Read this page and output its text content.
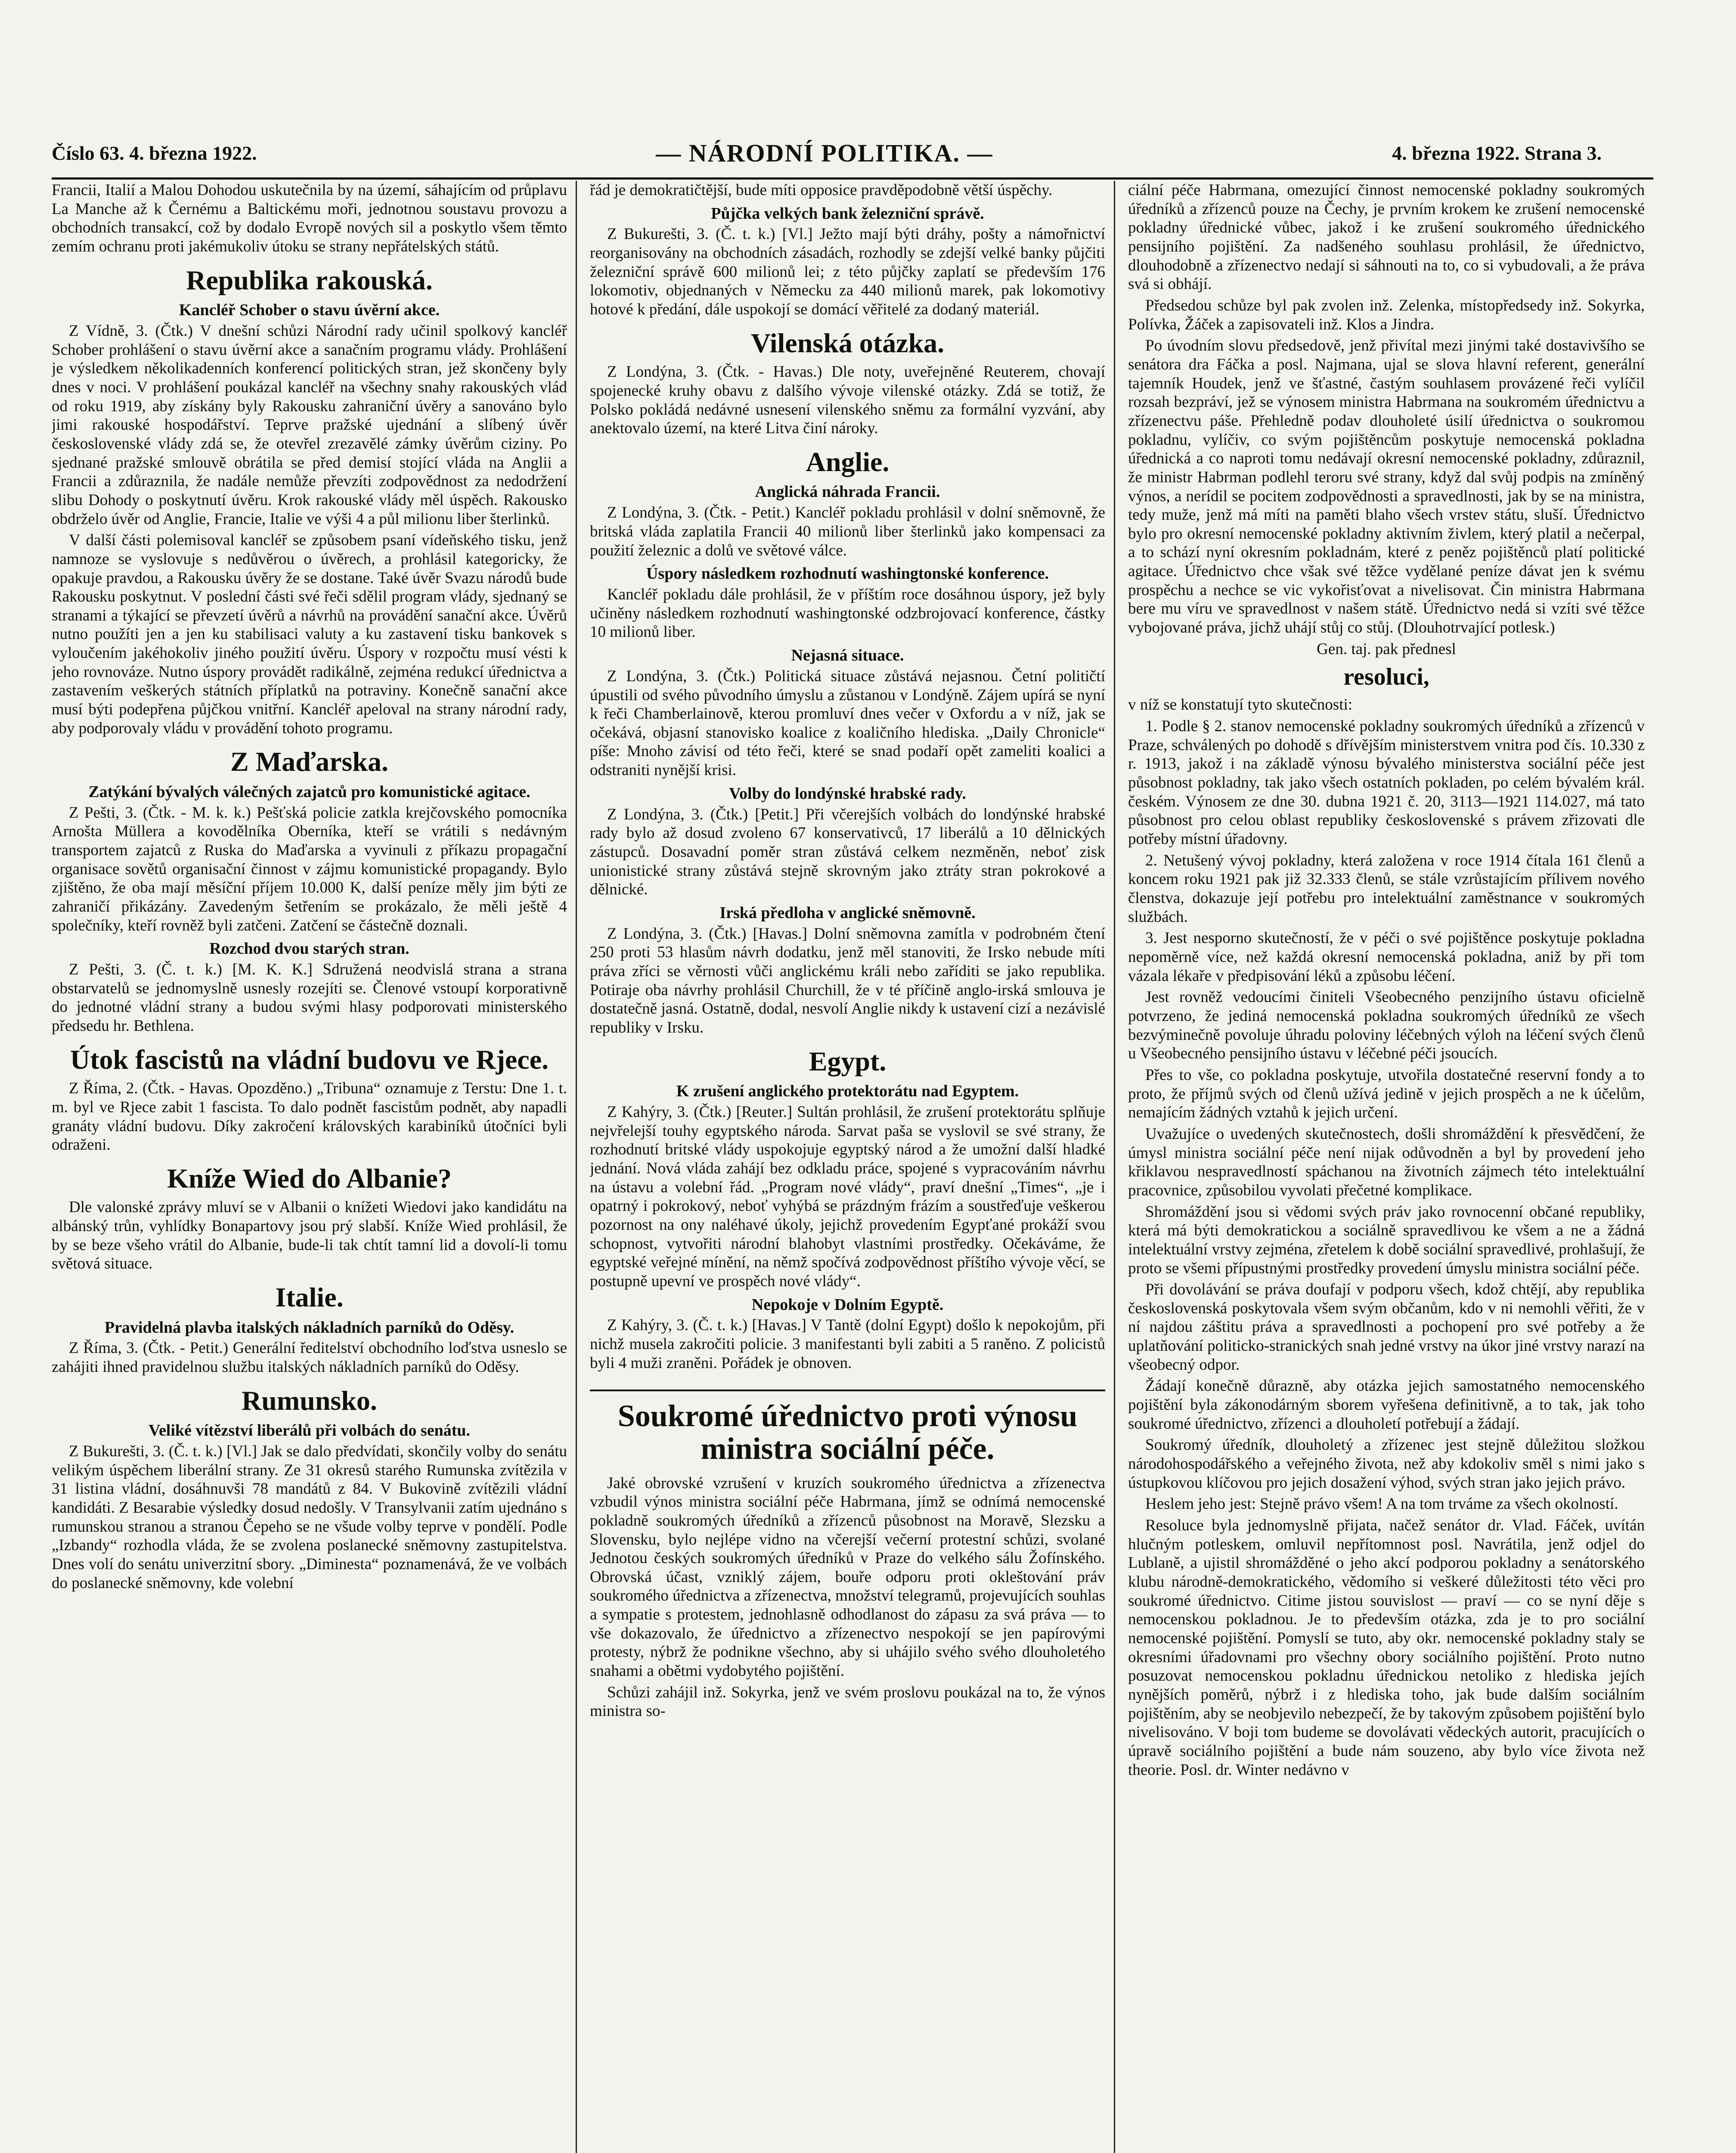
Číslo 63. 4. března 1922.	— NÁRODNÍ POLITIKA. —	4. března 1922. Strana 3.

Francii, Italií a Malou Dohodou uskutečnila by na území, sáhajícím od průplavu La Manche až k Černému a Baltickému moři, jednotnou soustavu provozu a obchodních transakcí, což by dodalo Evropě nových sil a poskytlo všem těmto zemím ochranu proti jakémukoliv útoku se strany nepřátelských států.

Republika rakouská.
Kancléř Schober o stavu úvěrní akce.

Z Vídně, 3. (Čtk.) V dnešní schůzi Národní rady učinil spolkový kancléř Schober prohlášení o stavu úvěrní akce a sanačním programu vlády. Prohlášení je výsledkem několikadenních konferencí politických stran, jež skončeny byly dnes v noci. V prohlášení poukázal kancléř na všechny snahy rakouských vlád od roku 1919, aby získány byly Rakousku zahraniční úvěry a sanováno bylo jimi rakouské hospodářství. Teprve pražské ujednání a slíbený úvěr československé vlády zdá se, že otevřel zrezavělé zámky úvěrům ciziny. Po sjednané pražské smlouvě obrátila se před demisí stojící vláda na Anglii a Francii a zdůraznila, že nadále nemůže převzíti zodpovědnost za nedodržení slibu Dohody o poskytnutí úvěru. Krok rakouské vlády měl úspěch. Rakousko obdrželo úvěr od Anglie, Francie, Italie ve výši 4 a půl milionu liber šterlinků.

V další části polemisoval kancléř se způsobem psaní vídeňského tisku, jenž namnoze se vyslovuje s nedůvěrou o úvěrech, a prohlásil kategoricky, že opakuje pravdou, a Rakousku úvěry že se dostane. Také úvěr Svazu národů bude Rakousku poskytnut. V poslední části své řeči sdělil program vlády, sjednaný se stranami a týkající se převzetí úvěrů a návrhů na provádění sanační akce. Úvěrů nutno použíti jen a jen ku stabilisaci valuty a ku zastavení tisku bankovek s vyloučením jakéhokoliv jiného použití úvěru. Úspory v rozpočtu musí vésti k jeho rovnováze. Nutno úspory provádět radikálně, zejména redukcí úřednictva a zastavením veškerých státních příplatků na potraviny. Konečně sanační akce musí býti podepřena půjčkou vnitřní. Kancléř apeloval na strany národní rady, aby podporovaly vládu v provádění tohoto programu.

Z Maďarska.
Zatýkání bývalých válečných zajatců pro komunistické agitace.

Z Pešti, 3. (Čtk. - M. k. k.) Pešťská policie zatkla krejčovského pomocníka Arnošta Müllera a kovodělníka Oberníka, kteří se vrátili s nedávným transportem zajatců z Ruska do Maďarska a vyvinuli z příkazu propagační organisace sovětů organisační činnost v zájmu komunistické propagandy. Bylo zjištěno, že oba mají měsíční příjem 10.000 K, další peníze měly jim býti ze zahraničí přikázány. Zavedeným šetřením se prokázalo, že měli ještě 4 společníky, kteří rovněž byli zatčeni. Zatčení se částečně doznali.

Rozchod dvou starých stran.

Z Pešti, 3. (Č. t. k.) [M. K. K.] Sdružená neodvislá strana a strana obstarvatelů se jednomyslně usnesly rozejíti se. Členové vstoupí korporativně do jednotné vládní strany a budou svými hlasy podporovati ministerského předsedu hr. Bethlena.

Útok fascistů na vládní budovu ve Rjece.

Z Říma, 2. (Čtk. - Havas. Opozděno.) „Tribuna“ oznamuje z Terstu: Dne 1. t. m. byl ve Rjece zabit 1 fascista. To dalo podnět fascistům podnět, aby napadli granáty vládní budovu. Díky zakročení královských karabiníků útočníci byli odraženi.

Kníže Wied do Albanie?

Dle valonské zprávy mluví se v Albanii o knížeti Wiedovi jako kandidátu na albánský trůn, vyhlídky Bonapartovy jsou prý slabší. Kníže Wied prohlásil, že by se beze všeho vrátil do Albanie, bude-li tak chtít tamní lid a dovolí-li tomu světová situace.

Italie.
Pravidelná plavba italských nákladních parníků do Oděsy.

Z Říma, 3. (Čtk. - Petit.) Generální ředitelství obchodního loďstva usneslo se zahájiti ihned pravidelnou službu italských nákladních parníků do Oděsy.

Rumunsko.
Veliké vítězství liberálů při volbách do senátu.

Z Bukurešti, 3. (Č. t. k.) [Vl.] Jak se dalo předvídati, skončily volby do senátu velikým úspěchem liberální strany. Ze 31 okresů starého Rumunska zvítězila v 31 listina vládní, dosáhnuvši 78 mandátů z 84. V Bukovině zvítězili vládní kandidáti. Z Besarabie výsledky dosud nedošly. V Transylvanii zatím ujednáno s rumunskou stranou a stranou Čepeho se ne všude volby teprve v pondělí. Podle „Izbandy“ rozhodla vláda, že se zvolena poslanecké sněmovny zastupitelstva. Dnes volí do senátu univerzitní sbory. „Diminesta“ poznamenává, že ve volbách do poslanecké sněmovny, kde volební

řád je demokratičtější, bude míti opposice pravděpodobně větší úspěchy.

Půjčka velkých bank železniční správě.

Z Bukurešti, 3. (Č. t. k.) [Vl.] Ježto mají býti dráhy, pošty a námořnictví reorganisovány na obchodních zásadách, rozhodly se zdejší velké banky půjčiti železniční správě 600 milionů lei; z této půjčky zaplatí se především 176 lokomotiv, objednaných v Německu za 440 milionů marek, pak lokomotivy hotové k předání, dále uspokojí se domácí věřitelé za dodaný materiál.

Vilenská otázka.

Z Londýna, 3. (Čtk. - Havas.) Dle noty, uveřejněné Reuterem, chovají spojenecké kruhy obavu z dalšího vývoje vilenské otázky. Zdá se totiž, že Polsko pokládá nedávné usnesení vilenského sněmu za formální vyzvání, aby anektovalo území, na které Litva činí nároky.

Anglie.
Anglická náhrada Francii.

Z Londýna, 3. (Čtk. - Petit.) Kancléř pokladu prohlásil v dolní sněmovně, že britská vláda zaplatila Francii 40 milionů liber šterlinků jako kompensaci za použití železnic a dolů ve světové válce.

Úspory následkem rozhodnutí washingtonské konference.

Kancléř pokladu dále prohlásil, že v příštím roce dosáhnou úspory, jež byly učiněny následkem rozhodnutí washingtonské odzbrojovací konference, částky 10 milionů liber.

Nejasná situace.

Z Londýna, 3. (Čtk.) Politická situace zůstává nejasnou. Četní političtí úpustili od svého původního úmyslu a zůstanou v Londýně. Zájem upírá se nyní k řeči Chamberlainově, kterou promluví dnes večer v Oxfordu a v níž, jak se očekává, objasní stanovisko koalice z koaličního hlediska. „Daily Chronicle“ píše: Mnoho závisí od této řeči, které se snad podaří opět zameliti koalici a odstraniti nynější krisi.

Volby do londýnské hrabské rady.

Z Londýna, 3. (Čtk.) [Petit.] Při včerejších volbách do londýnské hrabské rady bylo až dosud zvoleno 67 konservativců, 17 liberálů a 10 dělnických zástupců. Dosavadní poměr stran zůstává celkem nezměněn, neboť zisk unionistické strany zůstává stejně skrovným jako ztráty stran pokrokové a dělnické.

Irská předloha v anglické sněmovně.

Z Londýna, 3. (Čtk.) [Havas.] Dolní sněmovna zamítla v podrobném čtení 250 proti 53 hlasům návrh dodatku, jenž měl stanoviti, že Irsko nebude míti práva zříci se věrnosti vůči anglickému králi nebo zaříditi se jako republika. Potiraje oba návrhy prohlásil Churchill, že v té příčině anglo-irská smlouva je dostatečně jasná. Ostatně, dodal, nesvolí Anglie nikdy k ustavení cizí a nezávislé republiky v Irsku.

Egypt.
K zrušení anglického protektorátu nad Egyptem.

Z Kahýry, 3. (Čtk.) [Reuter.] Sultán prohlásil, že zrušení protektorátu splňuje nejvřelejší touhy egyptského národa. Sarvat paša se vyslovil se své strany, že rozhodnutí britské vlády uspokojuje egyptský národ a že umožní další hladké jednání. Nová vláda zahájí bez odkladu práce, spojené s vypracováním návrhu na ústavu a volební řád. „Program nové vlády“, praví dnešní „Times“, „je i opatrný i pokrokový, neboť vyhýbá se prázdným frázím a soustřeďuje veškerou pozornost na ony naléhavé úkoly, jejichž provedením Egypťané prokáží svou schopnost, vytvořiti národní blahobyt vlastními prostředky. Očekáváme, že egyptské veřejné mínění, na němž spočívá zodpovědnost příštího vývoje věcí, se postupně upevní ve prospěch nové vlády“.

Nepokoje v Dolním Egyptě.

Z Kahýry, 3. (Č. t. k.) [Havas.] V Tantě (dolní Egypt) došlo k nepokojům, při nichž musela zakročiti policie. 3 manifestanti byli zabiti a 5 raněno. Z policistů byli 4 muži zraněni. Pořádek je obnoven.

Soukromé úřednictvo proti výnosu ministra sociální péče.

Jaké obrovské vzrušení v kruzích soukromého úřednictva a zřízenectva vzbudil výnos ministra sociální péče Habrmana, jímž se odnímá nemocenské pokladně soukromých úředníků a zřízenců působnost na Moravě, Slezsku a Slovensku, bylo nejlépe vidno na včerejší večerní protestní schůzi, svolané Jednotou českých soukromých úředníků v Praze do velkého sálu Žofínského. Obrovská účast, vzniklý zájem, bouře odporu proti okleštování práv soukromého úřednictva a zřízenectva, množství telegramů, projevujících souhlas a sympatie s protestem, jednohlasně odhodlanost do zápasu za svá práva — to vše dokazovalo, že úřednictvo a zřízenectvo nespokojí se jen papírovými protesty, nýbrž že podnikne všechno, aby si uhájilo svého svého dlouholetého snahami a obětmi vydobytého pojištění.

Schůzi zahájil inž. Sokyrka, jenž ve svém proslovu poukázal na to, že výnos ministra so-

ciální péče Habrmana, omezující činnost nemocenské pokladny soukromých úředníků a zřízenců pouze na Čechy, je prvním krokem ke zrušení nemocenské pokladny úřednické vůbec, jakož i ke zrušení soukromého úřednického pensijního pojištění. Za nadšeného souhlasu prohlásil, že úřednictvo, dlouhodobně a zřízenectvo nedají si sáhnouti na to, co si vybudovali, a že práva svá si obhájí.

Předsedou schůze byl pak zvolen inž. Zelenka, místopředsedy inž. Sokyrka, Polívka, Žáček a zapisovateli inž. Klos a Jindra.

Po úvodním slovu předsedově, jenž přivítal mezi jinými také dostavivšího se senátora dra Fáčka a posl. Najmana, ujal se slova hlavní referent, generální tajemník Houdek, jenž ve šťastné, častým souhlasem provázené řeči vylíčil rozsah bezpráví, jež se výnosem ministra Habrmana na soukromém úřednictvu a zřízenectvu páše. Přehledně podav dlouholeté úsilí úřednictva o soukromou pokladnu, vylíčiv, co svým pojištěncům poskytuje nemocenská pokladna úřednická a co naproti tomu nedávají okresní nemocenské pokladny, zdůraznil, že ministr Habrman podlehl teroru své strany, když dal svůj podpis na zmíněný výnos, a nerídil se pocitem zodpovědnosti a spravedlnosti, jak by se na ministra, tedy muže, jenž má míti na paměti blaho všech vrstev státu, sluší. Úřednictvo bylo pro okresní nemocenské pokladny aktivním živlem, který platil a nečerpal, a to schází nyní okresním pokladnám, které z peněz pojištěnců platí politické agitace. Úřednictvo chce však své těžce vydělané peníze dávat jen k svému prospěchu a nechce se vic vykořisťovat a nivelisovat. Čin ministra Habrmana bere mu víru ve spravedlnost v našem státě. Úřednictvo nedá si vzíti své těžce vybojované práva, jichž uhájí stůj co stůj. (Dlouhotrvající potlesk.)

Gen. taj. pak přednesl

resoluci,

v níž se konstatují tyto skutečnosti:

1. Podle § 2. stanov nemocenské pokladny soukromých úředníků a zřízenců v Praze, schválených po dohodě s dřívějším ministerstvem vnitra pod čís. 10.330 z r. 1913, jakož i na základě výnosu bývalého ministerstva sociální péče jest působnost pokladny, tak jako všech ostatních pokladen, po celém bývalém král. českém. Výnosem ze dne 30. dubna 1921 č. 20, 3113—1921 114.027, má tato působnost pro celou oblast republiky československé s právem zřizovati dle potřeby místní úřadovny.

2. Netušený vývoj pokladny, která založena v roce 1914 čítala 161 členů a koncem roku 1921 pak již 32.333 členů, se stále vzrůstajícím přílivem nového členstva, dokazuje její potřebu pro intelektuální zaměstnance v soukromých službách.

3. Jest nesporno skutečností, že v péči o své pojištěnce poskytuje pokladna nepoměrně více, než každá okresní nemocenská pokladna, aniž by při tom vázala lékaře v předpisování léků a způsobu léčení.

Jest rovněž vedoucími činiteli Všeobecného penzijního ústavu oficielně potvrzeno, že jediná nemocenská pokladna soukromých úředníků ze všech bezvýminečně povoluje úhradu poloviny léčebných výloh na léčení svých členů u Všeobecného pensijního ústavu v léčebné péči jsoucích.

Přes to vše, co pokladna poskytuje, utvořila dostatečné reservní fondy a to proto, že příjmů svých od členů užívá jedině v jejich prospěch a ne k účelům, nemajícím žádných vztahů k jejich určení.

Uvažujíce o uvedených skutečnostech, došli shromáždění k přesvědčení, že úmysl ministra sociální péče není nijak odůvodněn a byl by provedení jeho křiklavou nespravedlností spáchanou na životních zájmech této intelektuální pracovnice, způsobilou vyvolati přečetné komplikace.

Shromáždění jsou si vědomi svých práv jako rovnocenní občané republiky, která má býti demokratickou a sociálně spravedlivou ke všem a ne a žádná intelektuální vrstvy zejména, zřetelem k době sociální spravedlivé, prohlašují, že proto se všemi přípustnými prostředky provedení úmyslu ministra sociální péče.

Při dovolávání se práva doufají v podporu všech, kdož chtějí, aby republika československá poskytovala všem svým občanům, kdo v ni nemohli věřiti, že v ní najdou záštitu práva a spravedlnosti a pochopení pro své potřeby a že uplatňování politicko-stranických snah jedné vrstvy na úkor jiné vrstvy narazí na všeobecný odpor.

Žádají konečně důrazně, aby otázka jejich samostatného nemocenského pojištění byla zákonodárným sborem vyřešena definitivně, a to tak, jak toho soukromé úřednictvo, zřízenci a dlouholetí potřebují a žádají.

Soukromý úředník, dlouholetý a zřízenec jest stejně důležitou složkou národohospodářského a veřejného života, než aby kdokoliv směl s nimi jako s ústupkovou klíčovou pro jejich dosažení výhod, svých stran jako jejich právo.

Heslem jeho jest: Stejně právo všem! A na tom trváme za všech okolností.

Resoluce byla jednomyslně přijata, načež senátor dr. Vlad. Fáček, uvítán hlučným potleskem, omluvil nepřítomnost posl. Navrátila, jenž odjel do Lublaně, a ujistil shromážděné o jeho akcí podporou pokladny a senátorského klubu národně-demokratického, vědomího si veškeré důležitosti této věci pro soukromé úřednictvo. Citime jistou souvislost — praví — co se nyní děje s nemocenskou pokladnou. Je to především otázka, zda je to pro sociální nemocenské pojištění. Pomyslí se tuto, aby okr. nemocenské pokladny staly se okresními úřadovnami pro všechny obory sociálního pojištění. Proto nutno posuzovat nemocenskou pokladnu úřednickou netoliko z hlediska jejích nynějších poměrů, nýbrž i z hlediska toho, jak bude dalším sociálním pojištěním, aby se neobjevilo nebezpečí, že by takovým způsobem pojištění bylo nivelisováno. V boji tom budeme se dovolávati vědeckých autorit, pracujících o úpravě sociálního pojištění a bude nám souzeno, aby bylo více života než theorie. Posl. dr. Winter nedávno v
